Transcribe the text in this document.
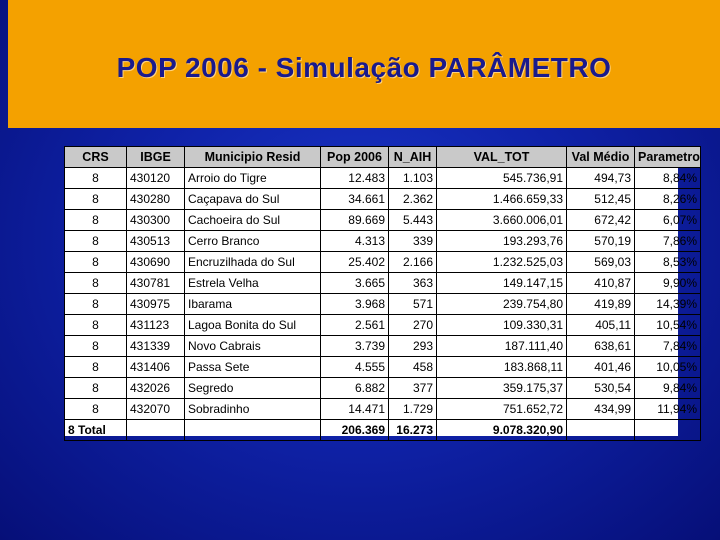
POP 2006 - Simulação PARÂMETRO
CRS	IBGE	Municipio Resid	Pop 2006	N_AIH	VAL_TOT	Val Médio	Parametro
8	430120	Arroio do Tigre	12.483	1.103	545.736,91	494,73	8,84%
8	430280	Caçapava do Sul	34.661	2.362	1.466.659,33	512,45	8,26%
8	430300	Cachoeira do Sul	89.669	5.443	3.660.006,01	672,42	6,07%
8	430513	Cerro Branco	4.313	339	193.293,76	570,19	7,86%
8	430690	Encruzilhada do Sul	25.402	2.166	1.232.525,03	569,03	8,53%
8	430781	Estrela Velha	3.665	363	149.147,15	410,87	9,90%
8	430975	Ibarama	3.968	571	239.754,80	419,89	14,39%
8	431123	Lagoa Bonita do Sul	2.561	270	109.330,31	405,11	10,54%
8	431339	Novo Cabrais	3.739	293	187.111,40	638,61	7,84%
8	431406	Passa Sete	4.555	458	183.868,11	401,46	10,05%
8	432026	Segredo	6.882	377	359.175,37	530,54	9,84%
8	432070	Sobradinho	14.471	1.729	751.652,72	434,99	11,94%
8 Total			206.369	16.273	9.078.320,90		
